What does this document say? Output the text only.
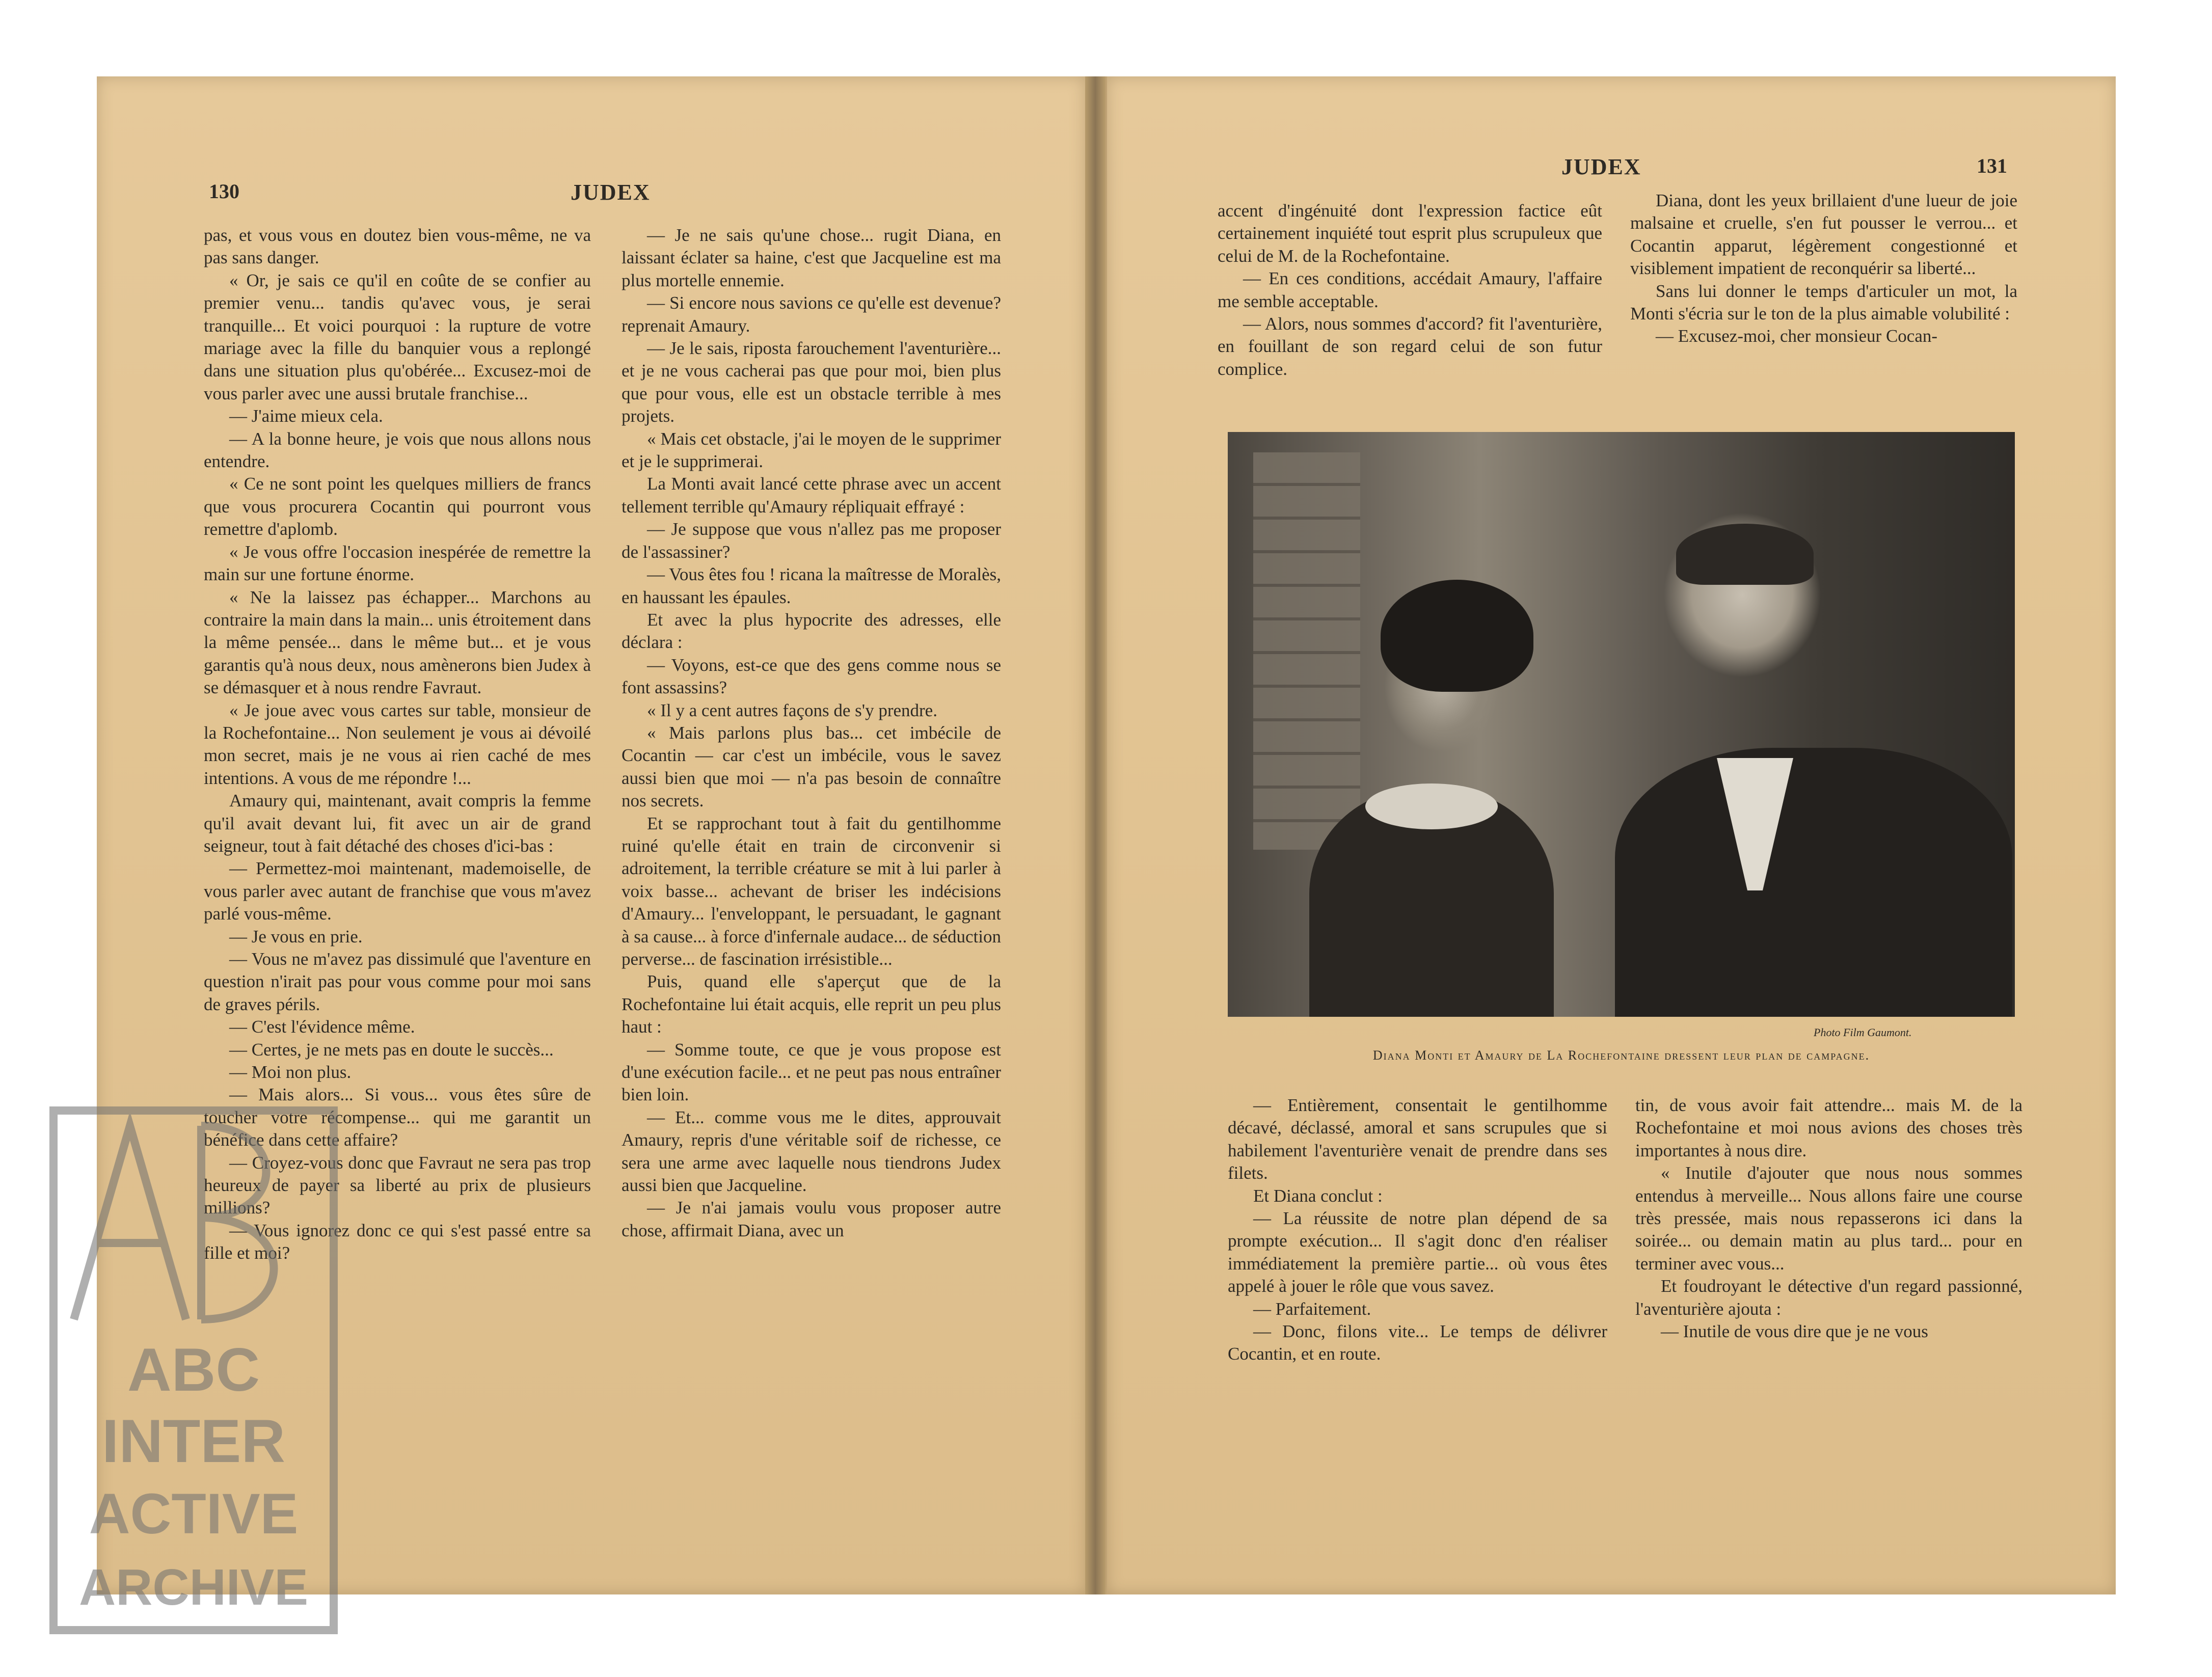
130	JUDEX

pas, et vous vous en doutez bien vous-même, ne va pas sans danger.

« Or, je sais ce qu'il en coûte de se confier au premier venu... tandis qu'avec vous, je serai tranquille... Et voici pourquoi : la rupture de votre mariage avec la fille du banquier vous a replongé dans une situation plus qu'obérée... Excusez-moi de vous parler avec une aussi brutale franchise...

— J'aime mieux cela.

— A la bonne heure, je vois que nous allons nous entendre.

« Ce ne sont point les quelques milliers de francs que vous procurera Cocantin qui pourront vous remettre d'aplomb.

« Je vous offre l'occasion inespérée de remettre la main sur une fortune énorme.

« Ne la laissez pas échapper... Marchons au contraire la main dans la main... unis étroitement dans la même pensée... dans le même but... et je vous garantis qu'à nous deux, nous amènerons bien Judex à se démasquer et à nous rendre Favraut.

« Je joue avec vous cartes sur table, monsieur de la Rochefontaine... Non seulement je vous ai dévoilé mon secret, mais je ne vous ai rien caché de mes intentions. A vous de me répondre !...

Amaury qui, maintenant, avait compris la femme qu'il avait devant lui, fit avec un air de grand seigneur, tout à fait détaché des choses d'ici-bas :

— Permettez-moi maintenant, mademoiselle, de vous parler avec autant de franchise que vous m'avez parlé vous-même.

— Je vous en prie.

— Vous ne m'avez pas dissimulé que l'aventure en question n'irait pas pour vous comme pour moi sans de graves périls.

— C'est l'évidence même.

— Certes, je ne mets pas en doute le succès...

— Moi non plus.

— Mais alors... Si vous... vous êtes sûre de toucher votre récompense... qui me garantit un bénéfice dans cette affaire?

— Croyez-vous donc que Favraut ne sera pas trop heureux de payer sa liberté au prix de plusieurs millions?

— Vous ignorez donc ce qui s'est passé entre sa fille et moi?

— Je ne sais qu'une chose... rugit Diana, en laissant éclater sa haine, c'est que Jacqueline est ma plus mortelle ennemie.

— Si encore nous savions ce qu'elle est devenue? reprenait Amaury.

— Je le sais, riposta farouchement l'aventurière... et je ne vous cacherai pas que pour moi, bien plus que pour vous, elle est un obstacle terrible à mes projets.

« Mais cet obstacle, j'ai le moyen de le supprimer et je le supprimerai.

La Monti avait lancé cette phrase avec un accent tellement terrible qu'Amaury répliquait effrayé :

— Je suppose que vous n'allez pas me proposer de l'assassiner?

— Vous êtes fou ! ricana la maîtresse de Moralès, en haussant les épaules.

Et avec la plus hypocrite des adresses, elle déclara :

— Voyons, est-ce que des gens comme nous se font assassins?

« Il y a cent autres façons de s'y prendre.

« Mais parlons plus bas... cet imbécile de Cocantin — car c'est un imbécile, vous le savez aussi bien que moi — n'a pas besoin de connaître nos secrets.

Et se rapprochant tout à fait du gentilhomme ruiné qu'elle était en train de circonvenir si adroitement, la terrible créature se mit à lui parler à voix basse... achevant de briser les indécisions d'Amaury... l'enveloppant, le persuadant, le gagnant à sa cause... à force d'infernale audace... de séduction perverse... de fascination irrésistible...

Puis, quand elle s'aperçut que de la Rochefontaine lui était acquis, elle reprit un peu plus haut :

— Somme toute, ce que je vous propose est d'une exécution facile... et ne peut pas nous entraîner bien loin.

— Et... comme vous me le dites, approuvait Amaury, repris d'une véritable soif de richesse, ce sera une arme avec laquelle nous tiendrons Judex aussi bien que Jacqueline.

— Je n'ai jamais voulu vous proposer autre chose, affirmait Diana, avec un

JUDEX	131

accent d'ingénuité dont l'expression factice eût certainement inquiété tout esprit plus scrupuleux que celui de M. de la Rochefontaine.

— En ces conditions, accédait Amaury, l'affaire me semble acceptable.

— Alors, nous sommes d'accord? fit l'aventurière, en fouillant de son regard celui de son futur complice.

Diana, dont les yeux brillaient d'une lueur de joie malsaine et cruelle, s'en fut pousser le verrou... et Cocantin apparut, légèrement congestionné et visiblement impatient de reconquérir sa liberté...

Sans lui donner le temps d'articuler un mot, la Monti s'écria sur le ton de la plus aimable volubilité :

— Excusez-moi, cher monsieur Cocan-

Photo Film Gaumont.
Diana Monti et Amaury de La Rochefontaine dressent leur plan de campagne.

— Entièrement, consentait le gentilhomme décavé, déclassé, amoral et sans scrupules que si habilement l'aventurière venait de prendre dans ses filets.

Et Diana conclut :

— La réussite de notre plan dépend de sa prompte exécution... Il s'agit donc d'en réaliser immédiatement la première partie... où vous êtes appelé à jouer le rôle que vous savez.

— Parfaitement.

— Donc, filons vite... Le temps de délivrer Cocantin, et en route.

tin, de vous avoir fait attendre... mais M. de la Rochefontaine et moi nous avions des choses très importantes à nous dire.

« Inutile d'ajouter que nous nous sommes entendus à merveille... Nous allons faire une course très pressée, mais nous repasserons ici dans la soirée... ou demain matin au plus tard... pour en terminer avec vous...

Et foudroyant le détective d'un regard passionné, l'aventurière ajouta :

— Inutile de vous dire que je ne vous

ABC
INTER
ACTIVE
ARCHIVE
